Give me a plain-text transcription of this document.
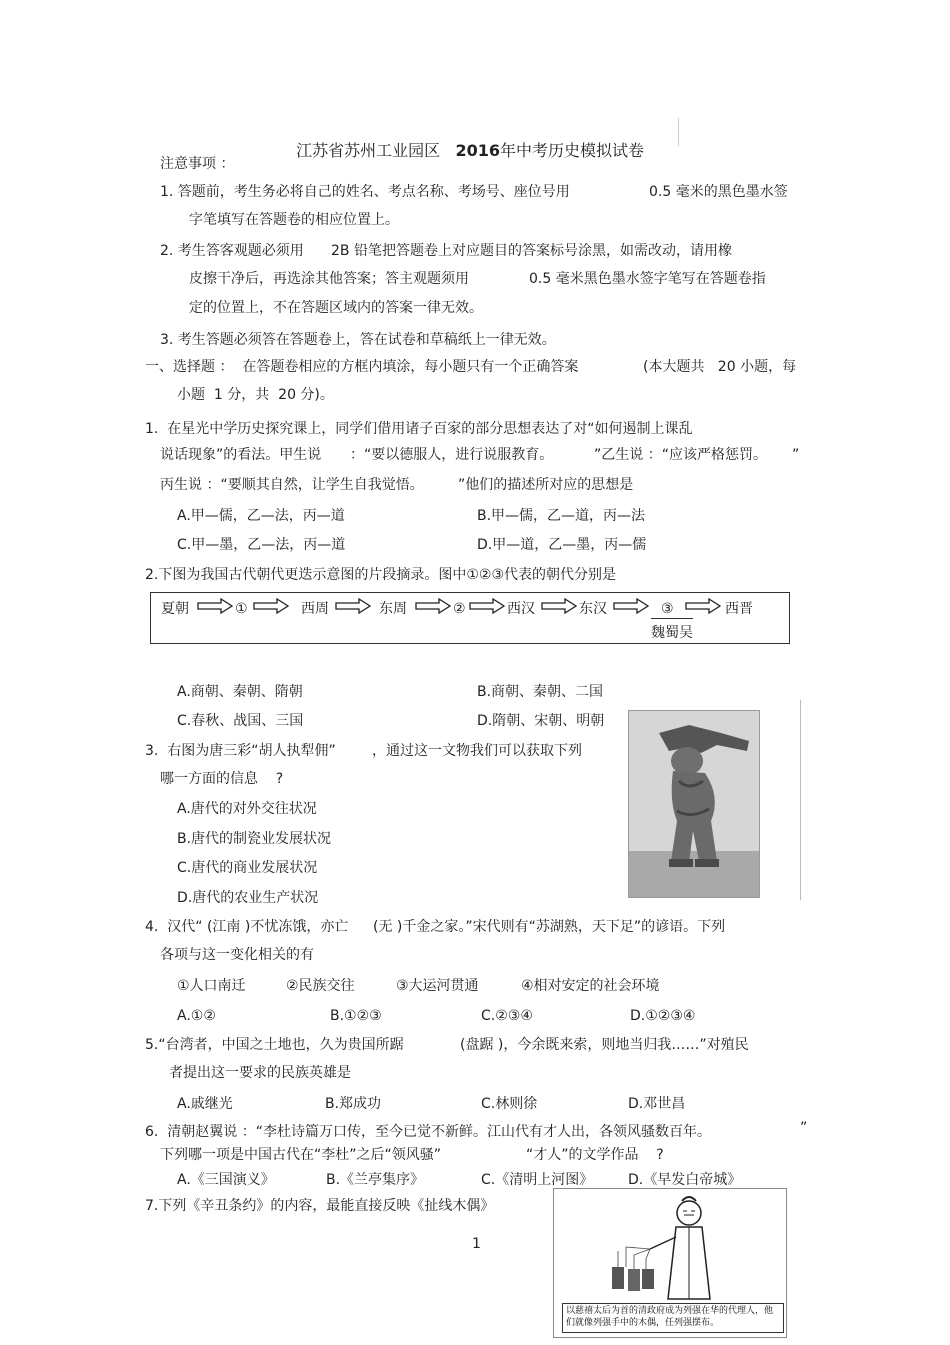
江苏省苏州工业园区 2016年中考历史模拟试卷

注意事项 ：
1. 答题前，考生务必将自己的姓名、考点名称、考场号、座位号用	0.5 毫米的黑色墨水签
字笔填写在答题卷的相应位置上。
2. 考生答客观题必须用 2B 铅笔把答题卷上对应题目的答案标号涂黑，如需改动，请用橡
皮擦干净后，再选涂其他答案；答主观题须用	0.5 毫米黑色墨水签字笔写在答题卷指
定的位置上，不在答题区域内的答案一律无效。
3. 考生答题必须答在答题卷上，答在试卷和草稿纸上一律无效。
一、选择题 ：  在答题卷相应的方框内填涂，每小题只有一个正确答案	(本大题共   20 小题，每
小题  1 分，共  20 分)。
1.  在星光中学历史探究课上，同学们借用诸子百家的部分思想表达了对“如何遏制上课乱
说话现象”的看法。甲生说 ：“要以德服人，进行说服教育。	”乙生说 ：“应该严格惩罚。 ”
丙生说 ：“要顺其自然，让学生自我觉悟。 ”他们的描述所对应的思想是
A.甲—儒，乙—法，丙—道	B.甲—儒，乙—道，丙—法
C.甲—墨，乙—法，丙—道	D.甲—道，乙—墨，丙—儒
2.下图为我国古代朝代更迭示意图的片段摘录。图中①②③代表的朝代分别是
夏朝	①	西周	东周	②	西汉	东汉	③	西晋
魏蜀吴
A.商朝、秦朝、隋朝	B.商朝、秦朝、二国
C.春秋、战国、三国	D.隋朝、宋朝、明朝
3.  右图为唐三彩“胡人执犁佣”	，通过这一文物我们可以获取下列
哪一方面的信息    ?
A.唐代的对外交往状况
B.唐代的制瓷业发展状况
C.唐代的商业发展状况
D.唐代的农业生产状况
4.  汉代“ (江南 )不忧冻饿，亦亡 (无 )千金之家。”宋代则有“苏湖熟，天下足”的谚语。下列
各项与这一变化相关的有
①人口南迁	②民族交往	③大运河贯通	④相对安定的社会环境
A.①②	B.①②③	C.②③④	D.①②③④
5.“台湾者，中国之土地也，久为贵国所踞	(盘踞 )，今余既来索，则地当归我……”对殖民
者提出这一要求的民族英雄是
A.戚继光	B.郑成功	C.林则徐	D.邓世昌
6.  清朝赵翼说 ：“李杜诗篇万口传，至今已觉不新鲜。江山代有才人出，各领风骚数百年。	”
下列哪一项是中国古代在“李杜”之后“领风骚”	“才人”的文学作品    ?
A.《三国演义》	B.《兰亭集序》	C.《清明上河图》 D.《早发白帝城》
7.下列《辛丑条约》的内容，最能直接反映《扯线木偶》
以慈禧太后为首的清政府成为列强在华的代理人，他们就像列强手中的木偶，任列强摆布。
1
